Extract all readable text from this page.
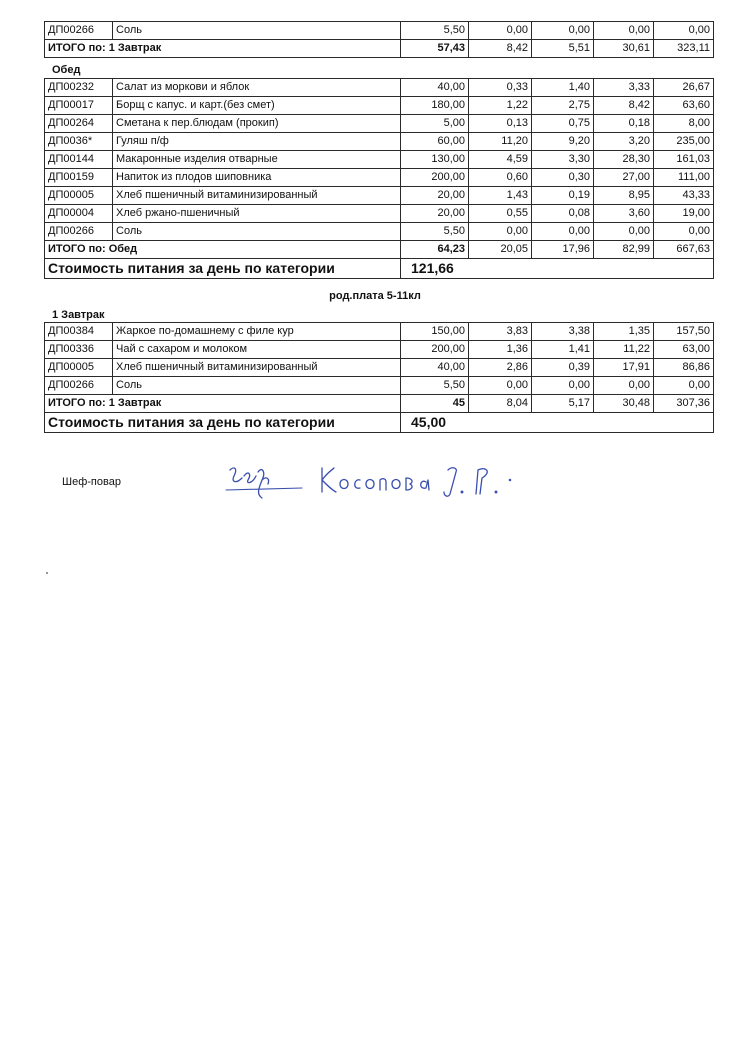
ДП00266	Соль	5,50	0,00	0,00	0,00	0,00
ИТОГО по: 1 Завтрак		57,43	8,42	5,51	30,61	323,11
Обед
ДП00232	Салат из моркови и яблок	40,00	0,33	1,40	3,33	26,67
ДП00017	Борщ с капус. и карт.(без смет)	180,00	1,22	2,75	8,42	63,60
ДП00264	Сметана к пер.блюдам (прокип)	5,00	0,13	0,75	0,18	8,00
ДП0036*	Гуляш п/ф	60,00	11,20	9,20	3,20	235,00
ДП00144	Макаронные изделия отварные	130,00	4,59	3,30	28,30	161,03
ДП00159	Напиток из плодов шиповника	200,00	0,60	0,30	27,00	111,00
ДП00005	Хлеб пшеничный витаминизированный	20,00	1,43	0,19	8,95	43,33
ДП00004	Хлеб ржано-пшеничный	20,00	0,55	0,08	3,60	19,00
ДП00266	Соль	5,50	0,00	0,00	0,00	0,00
ИТОГО по: Обед		64,23	20,05	17,96	82,99	667,63
Стоимость питания за день по категории		121,66				
род.плата 5-11кл
1 Завтрак
ДП00384	Жаркое по-домашнему с филе кур	150,00	3,83	3,38	1,35	157,50
ДП00336	Чай с сахаром и молоком	200,00	1,36	1,41	11,22	63,00
ДП00005	Хлеб пшеничный витаминизированный	40,00	2,86	0,39	17,91	86,86
ДП00266	Соль	5,50	0,00	0,00	0,00	0,00
ИТОГО по: 1 Завтрак		45	8,04	5,17	30,48	307,36
Стоимость питания за день по категории		45,00				
Шеф-повар
